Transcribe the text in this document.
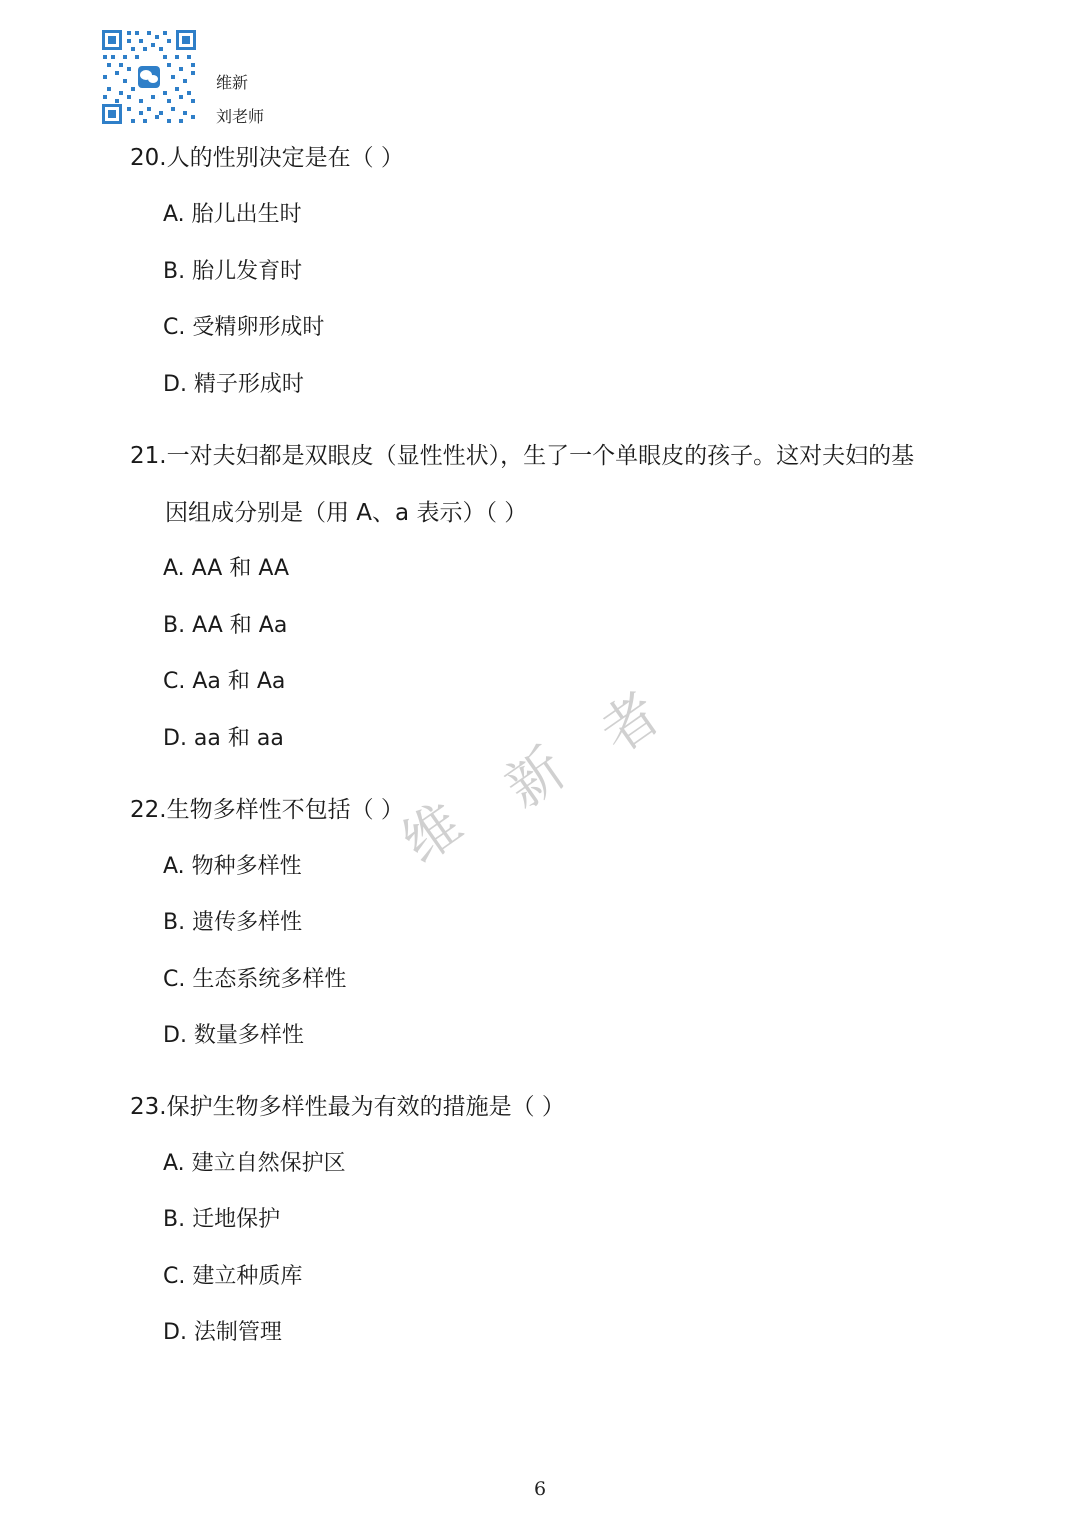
维新
刘老师
20.人的性别决定是在（ ）
A. 胎儿出生时
B. 胎儿发育时
C. 受精卵形成时
D. 精子形成时
21.一对夫妇都是双眼皮（显性性状），生了一个单眼皮的孩子。这对夫妇的基
因组成分别是（用 A、a 表示）（ ）
A. AA 和 AA
B. AA 和 Aa
C. Aa 和 Aa
D. aa 和 aa
22.生物多样性不包括（ ）
A. 物种多样性
B. 遗传多样性
C. 生态系统多样性
D. 数量多样性
23.保护生物多样性最为有效的措施是（ ）
A. 建立自然保护区
B. 迁地保护
C. 建立种质库
D. 法制管理
维
新
者
6
